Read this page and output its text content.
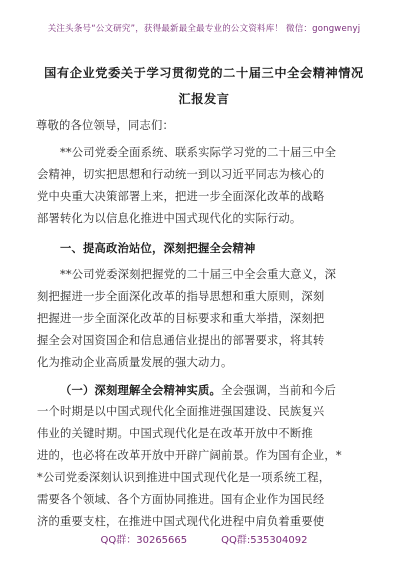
关注头条号“公文研究”，获得最新最全最专业的公文资料库！ 微信：gongwenyj
国有企业党委关于学习贯彻党的二十届三中全会精神情况
汇报发言
尊敬的各位领导，同志们：
**公司党委全面系统、联系实际学习党的二十届三中全
会精神，切实把思想和行动统一到以习近平同志为核心的
党中央重大决策部署上来，把进一步全面深化改革的战略
部署转化为以信息化推进中国式现代化的实际行动。
一、提高政治站位，深刻把握全会精神
**公司党委深刻把握党的二十届三中全会重大意义，深
刻把握进一步全面深化改革的指导思想和重大原则，深刻
把握进一步全面深化改革的目标要求和重大举措，深刻把
握全会对国资国企和信息通信业提出的部署要求，将其转
化为推动企业高质量发展的强大动力。
（一）深刻理解全会精神实质。全会强调，当前和今后
一个时期是以中国式现代化全面推进强国建设、民族复兴
伟业的关键时期。中国式现代化是在改革开放中不断推
进的，也必将在改革开放中开辟广阔前景。作为国有企业，*
*公司党委深刻认识到推进中国式现代化是一项系统工程，
需要各个领域、各个方面协同推进。国有企业作为国民经
济的重要支柱，在推进中国式现代化进程中肩负着重要使
QQ群：30265665	QQ群:535304092
